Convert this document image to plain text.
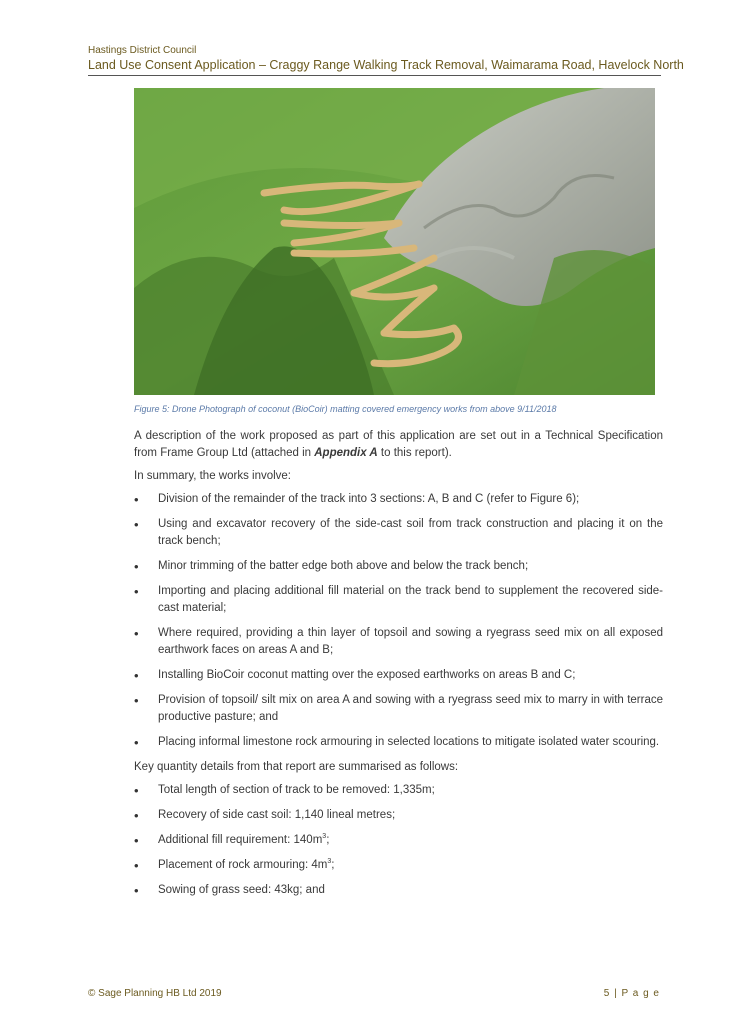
Hastings District Council
Land Use Consent Application – Craggy Range Walking Track Removal, Waimarama Road, Havelock North
Figure 5: Drone Photograph of coconut (BioCoir) matting covered emergency works from above 9/11/2018

A description of the work proposed as part of this application are set out in a Technical Specification from Frame Group Ltd (attached in Appendix A to this report).

In summary, the works involve:

• Division of the remainder of the track into 3 sections: A, B and C (refer to Figure 6);
• Using and excavator recovery of the side-cast soil from track construction and placing it on the track bench;
• Minor trimming of the batter edge both above and below the track bench;
• Importing and placing additional fill material on the track bend to supplement the recovered side-cast material;
• Where required, providing a thin layer of topsoil and sowing a ryegrass seed mix on all exposed earthwork faces on areas A and B;
• Installing BioCoir coconut matting over the exposed earthworks on areas B and C;
• Provision of topsoil/ silt mix on area A and sowing with a ryegrass seed mix to marry in with terrace productive pasture; and
• Placing informal limestone rock armouring in selected locations to mitigate isolated water scouring.

Key quantity details from that report are summarised as follows:

• Total length of section of track to be removed: 1,335m;
• Recovery of side cast soil: 1,140 lineal metres;
• Additional fill requirement: $140m^3$;
• Placement of rock armouring: $4m^3$;
• Sowing of grass seed: 43kg; and
© Sage Planning HB Ltd 2019	5 | P a g e
